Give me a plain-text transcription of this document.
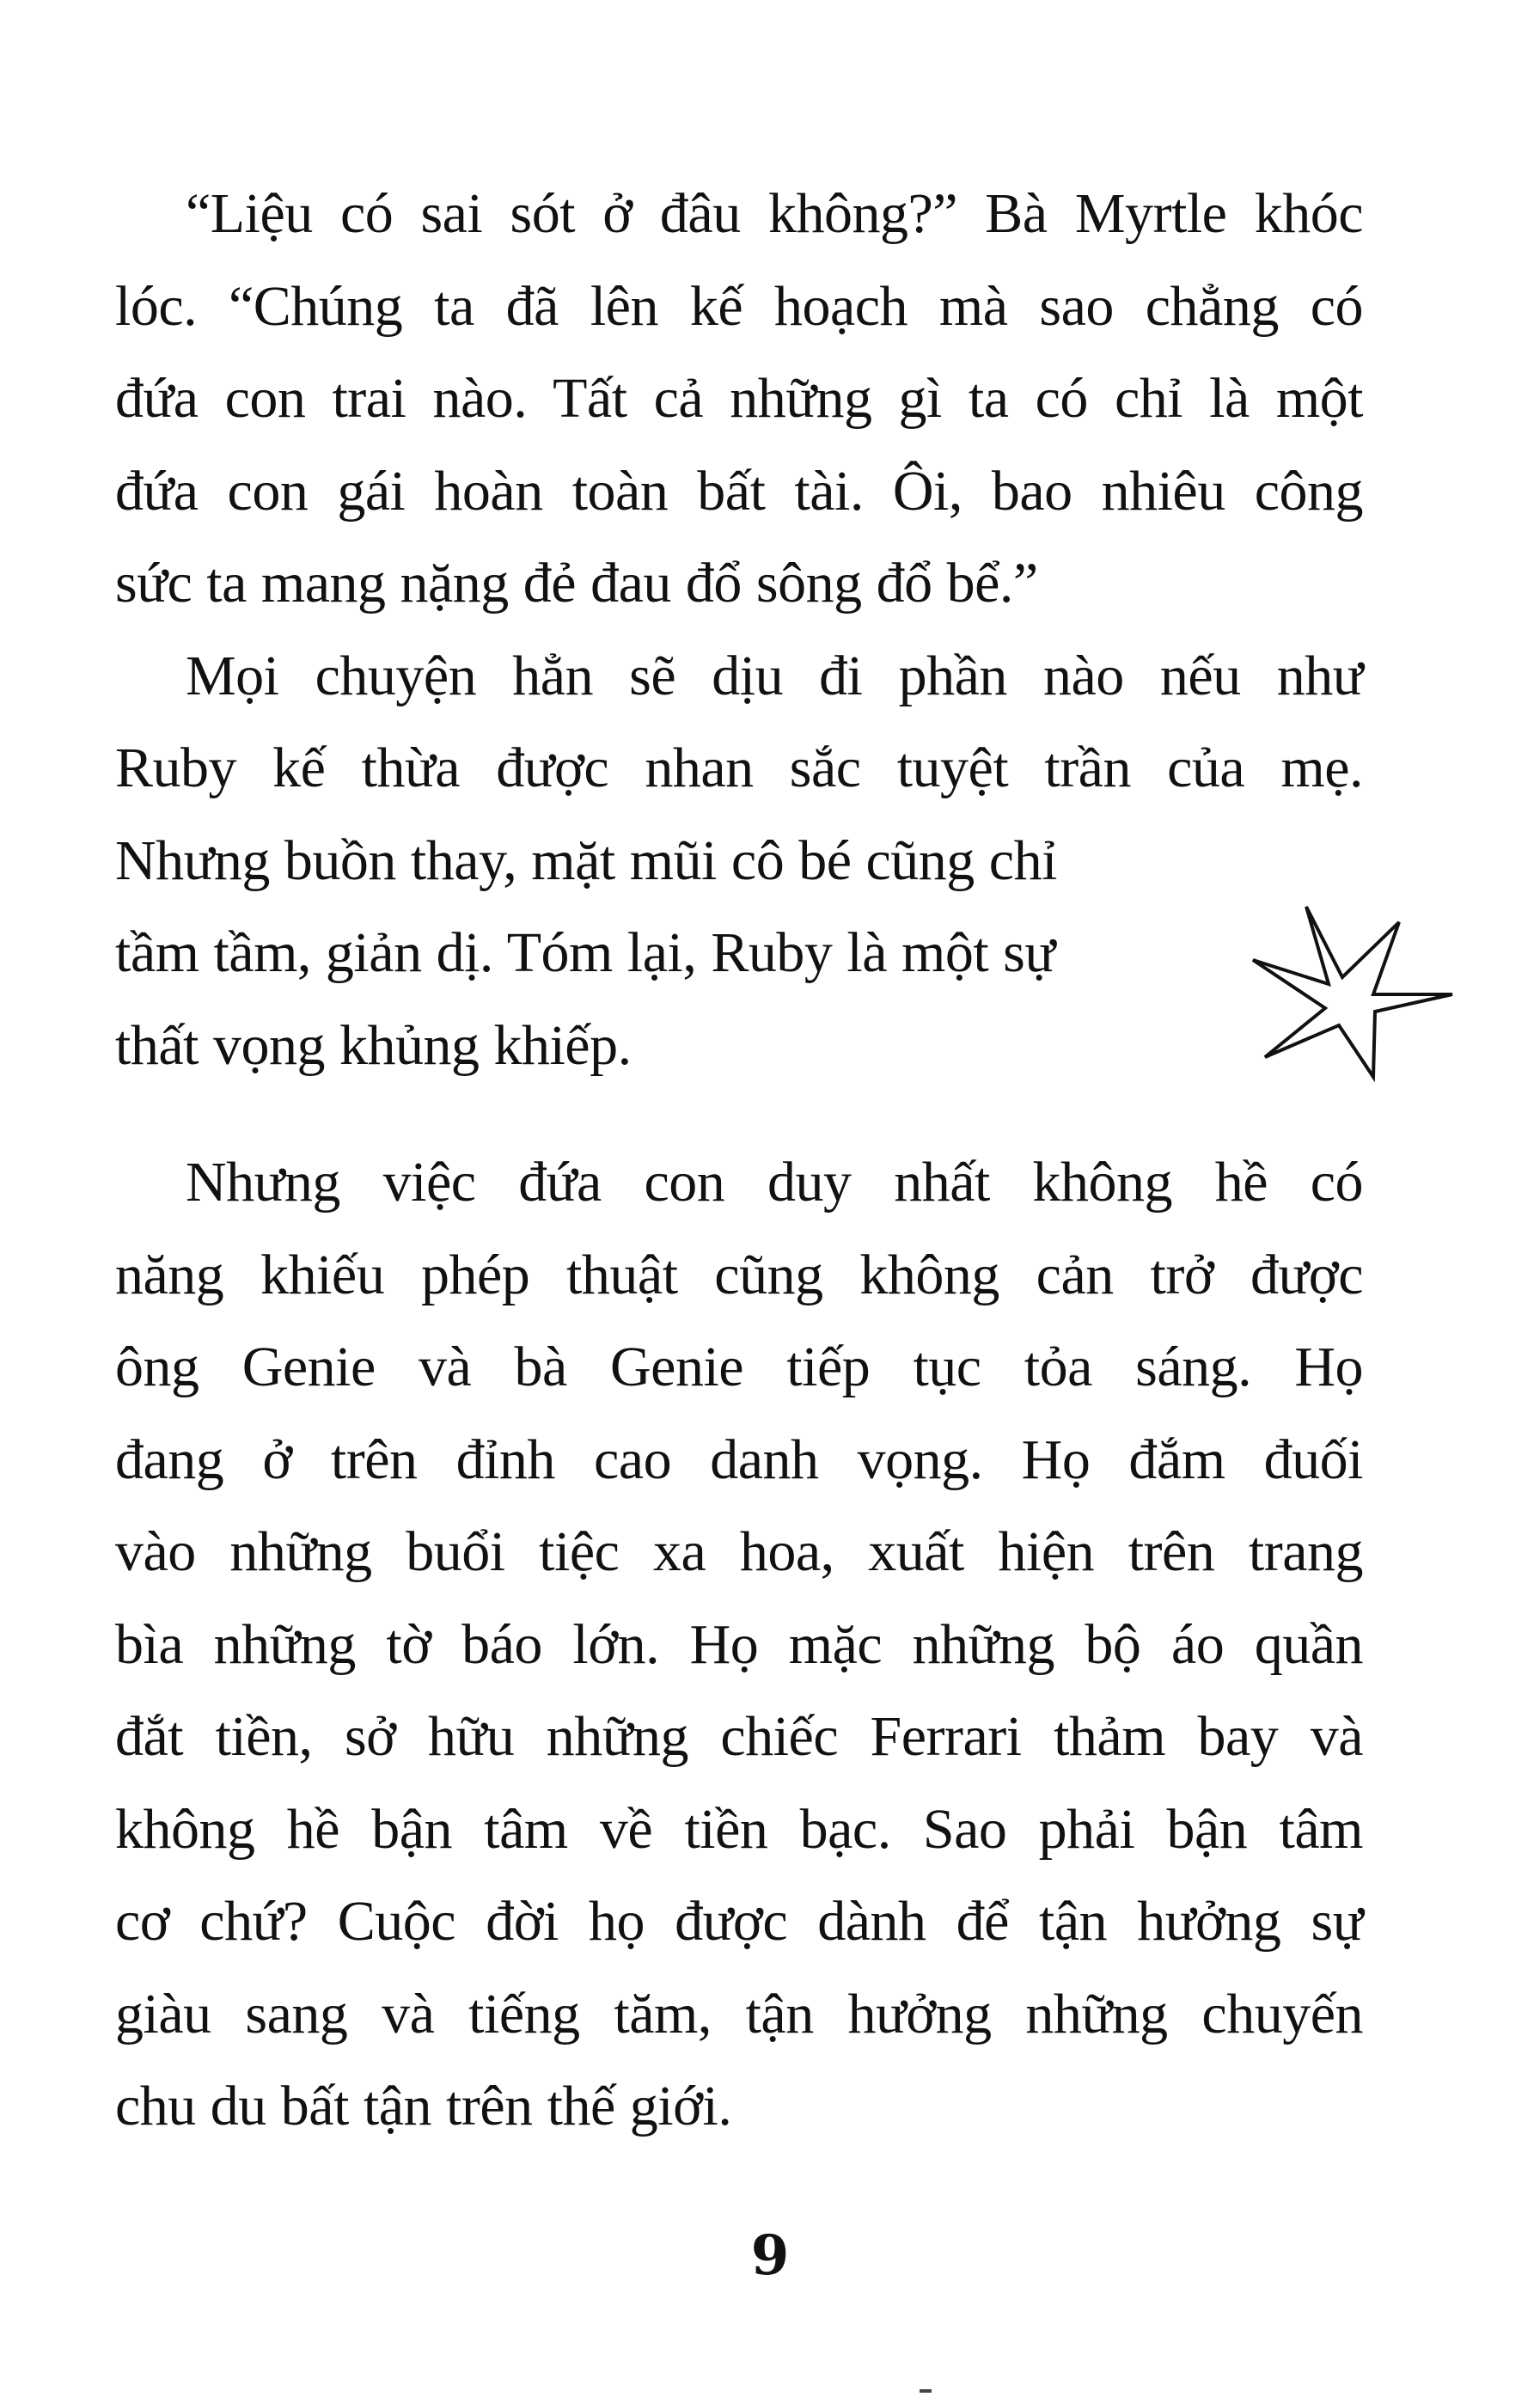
“Liệu có sai sót ở đâu không?” Bà Myrtle khóc
lóc. “Chúng ta đã lên kế hoạch mà sao chẳng có
đứa con trai nào. Tất cả những gì ta có chỉ là một
đứa con gái hoàn toàn bất tài. Ôi, bao nhiêu công
sức ta mang nặng đẻ đau đổ sông đổ bể.”
Mọi chuyện hẳn sẽ dịu đi phần nào nếu như
Ruby kế thừa được nhan sắc tuyệt trần của mẹ.
Nhưng buồn thay, mặt mũi cô bé cũng chỉ
tầm tầm, giản dị. Tóm lại, Ruby là một sự
thất vọng khủng khiếp.
Nhưng việc đứa con duy nhất không hề có
năng khiếu phép thuật cũng không cản trở được
ông Genie và bà Genie tiếp tục tỏa sáng. Họ
đang ở trên đỉnh cao danh vọng. Họ đắm đuối
vào những buổi tiệc xa hoa, xuất hiện trên trang
bìa những tờ báo lớn. Họ mặc những bộ áo quần
đắt tiền, sở hữu những chiếc Ferrari thảm bay và
không hề bận tâm về tiền bạc. Sao phải bận tâm
cơ chứ? Cuộc đời họ được dành để tận hưởng sự
giàu sang và tiếng tăm, tận hưởng những chuyến
chu du bất tận trên thế giới.
9
